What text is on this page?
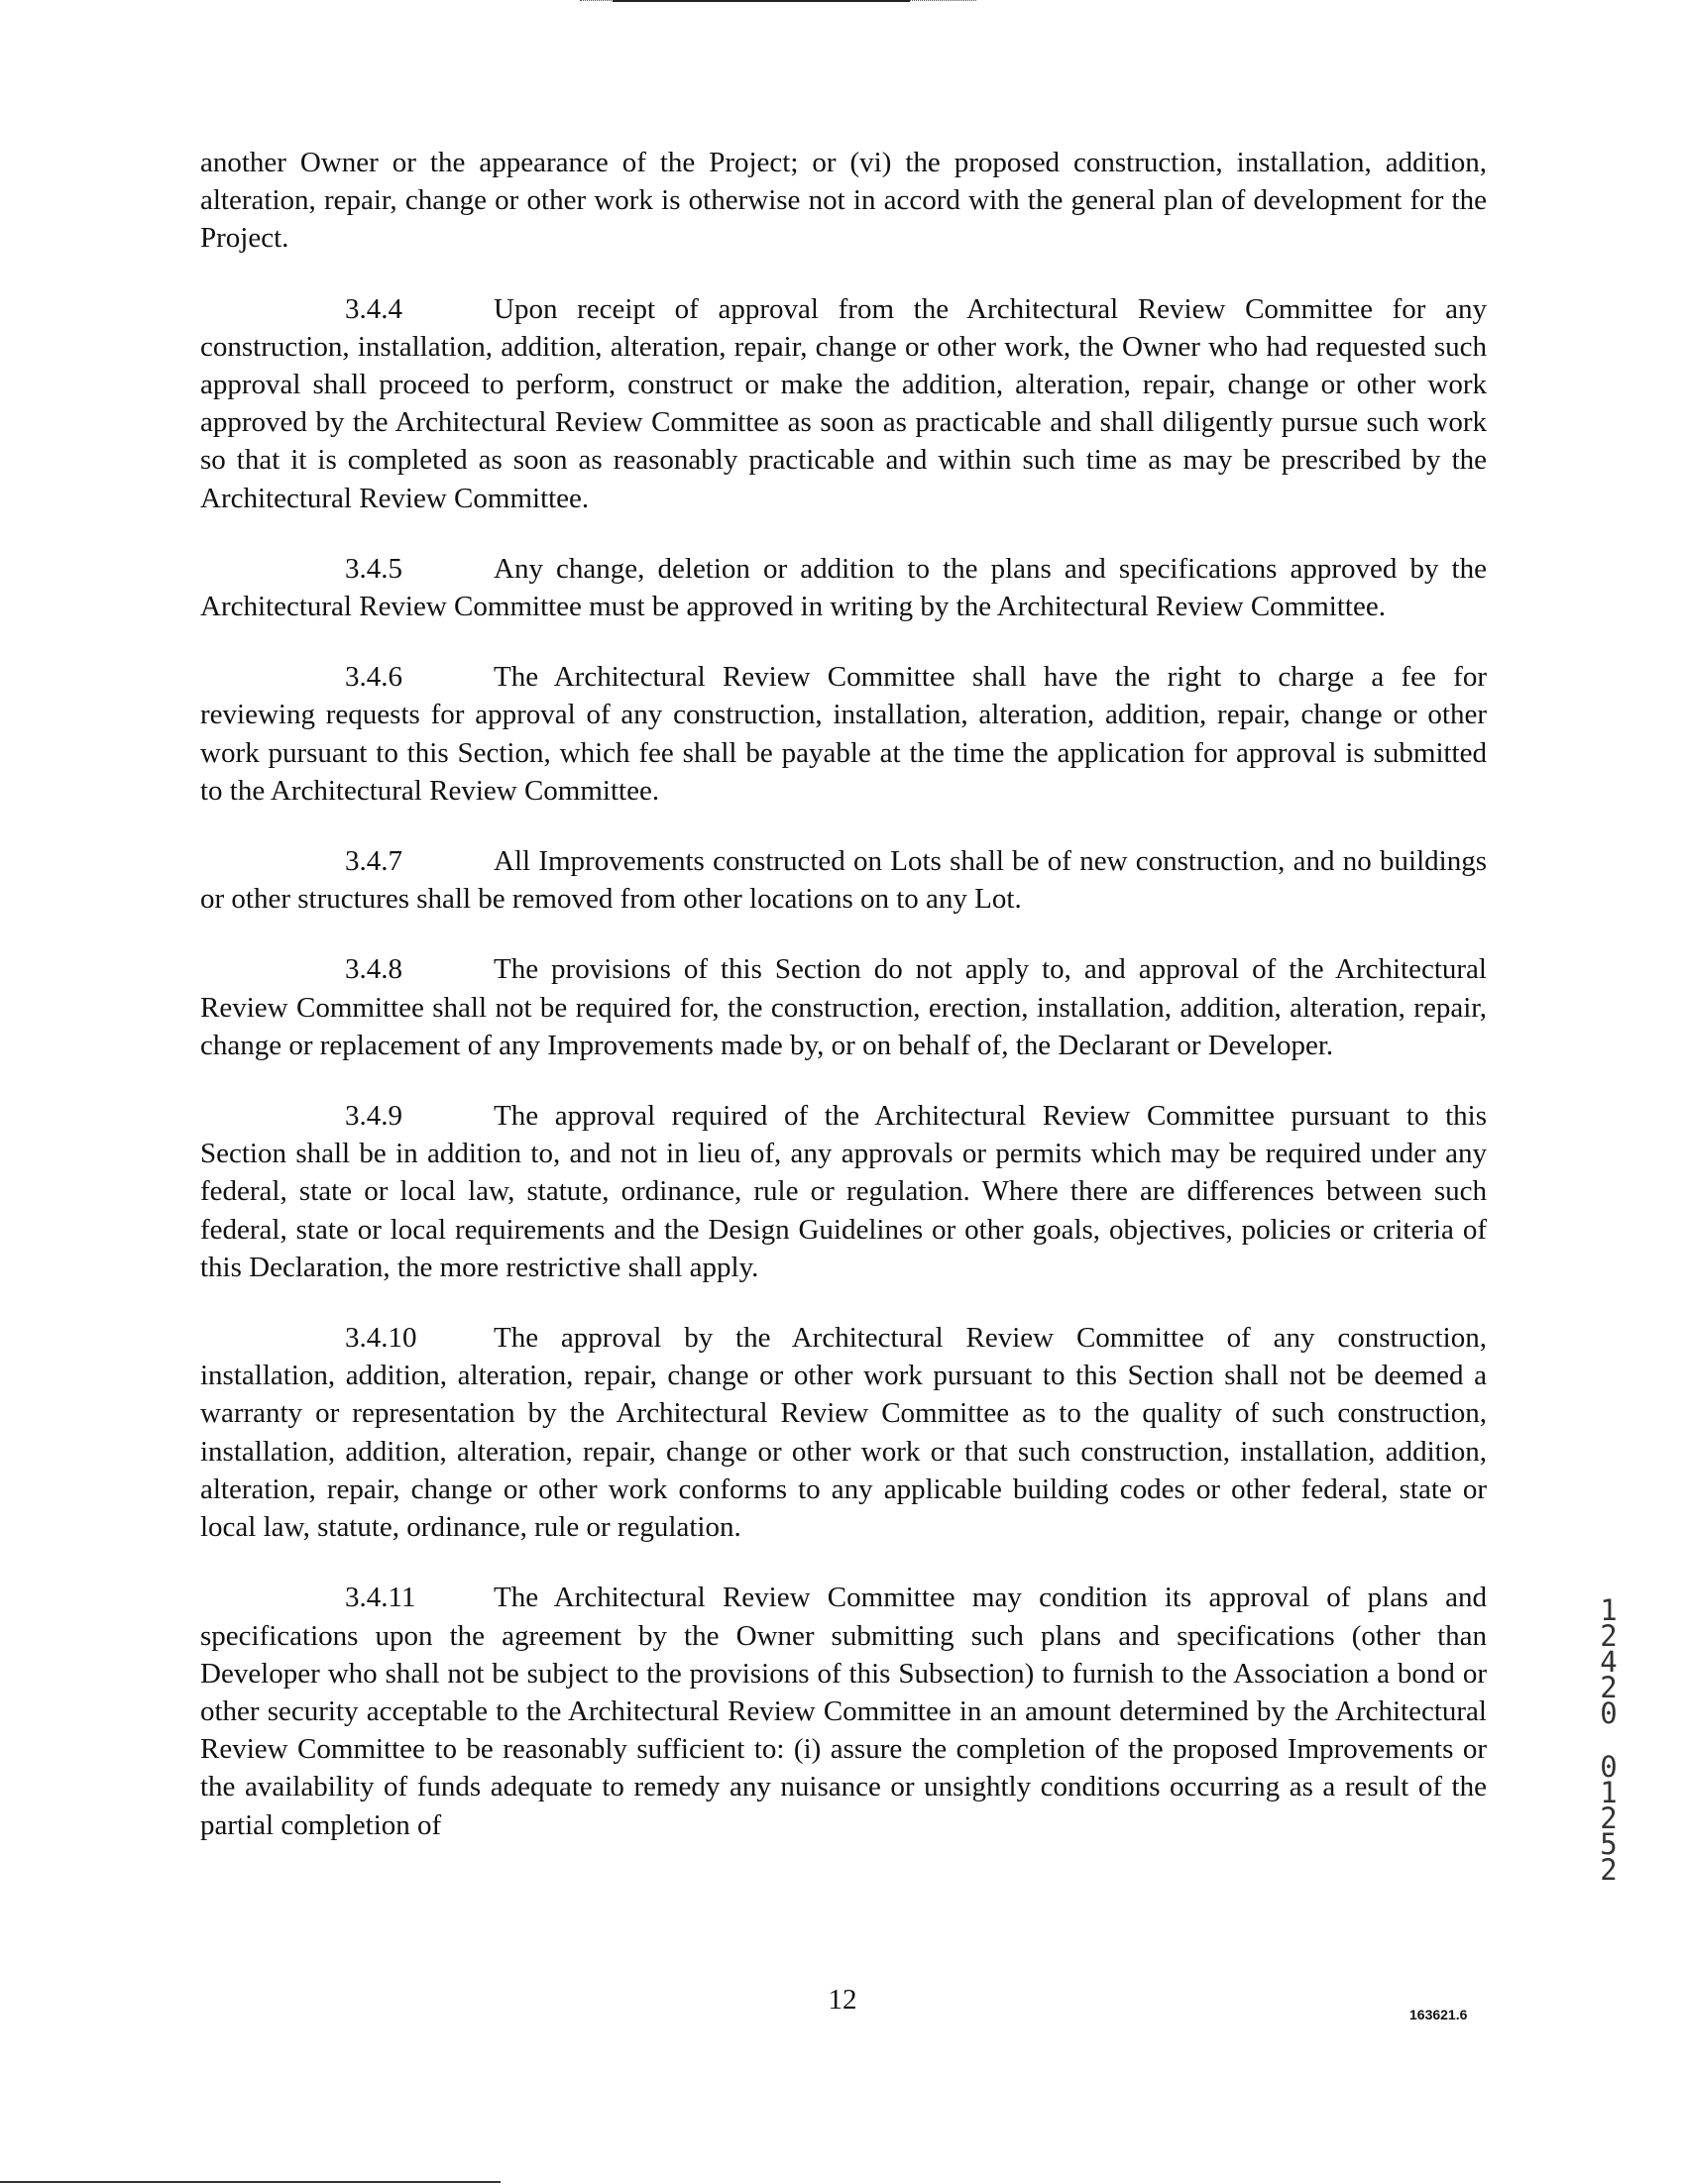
another Owner or the appearance of the Project; or (vi) the proposed construction, installation, addition, alteration, repair, change or other work is otherwise not in accord with the general plan of development for the Project.

3.4.4	Upon receipt of approval from the Architectural Review Committee for any construction, installation, addition, alteration, repair, change or other work, the Owner who had requested such approval shall proceed to perform, construct or make the addition, alteration, repair, change or other work approved by the Architectural Review Committee as soon as practicable and shall diligently pursue such work so that it is completed as soon as reasonably practicable and within such time as may be prescribed by the Architectural Review Committee.

3.4.5	Any change, deletion or addition to the plans and specifications approved by the Architectural Review Committee must be approved in writing by the Architectural Review Committee.

3.4.6	The Architectural Review Committee shall have the right to charge a fee for reviewing requests for approval of any construction, installation, alteration, addition, repair, change or other work pursuant to this Section, which fee shall be payable at the time the application for approval is submitted to the Architectural Review Committee.

3.4.7	All Improvements constructed on Lots shall be of new construction, and no buildings or other structures shall be removed from other locations on to any Lot.

3.4.8	The provisions of this Section do not apply to, and approval of the Architectural Review Committee shall not be required for, the construction, erection, installation, addition, alteration, repair, change or replacement of any Improvements made by, or on behalf of, the Declarant or Developer.

3.4.9	The approval required of the Architectural Review Committee pursuant to this Section shall be in addition to, and not in lieu of, any approvals or permits which may be required under any federal, state or local law, statute, ordinance, rule or regulation. Where there are differences between such federal, state or local requirements and the Design Guidelines or other goals, objectives, policies or criteria of this Declaration, the more restrictive shall apply.

3.4.10	The approval by the Architectural Review Committee of any construction, installation, addition, alteration, repair, change or other work pursuant to this Section shall not be deemed a warranty or representation by the Architectural Review Committee as to the quality of such construction, installation, addition, alteration, repair, change or other work or that such construction, installation, addition, alteration, repair, change or other work conforms to any applicable building codes or other federal, state or local law, statute, ordinance, rule or regulation.

3.4.11	The Architectural Review Committee may condition its approval of plans and specifications upon the agreement by the Owner submitting such plans and specifications (other than Developer who shall not be subject to the provisions of this Subsection) to furnish to the Association a bond or other security acceptable to the Architectural Review Committee in an amount determined by the Architectural Review Committee to be reasonably sufficient to: (i) assure the completion of the proposed Improvements or the availability of funds adequate to remedy any nuisance or unsightly conditions occurring as a result of the partial completion of

12	163621.6
1
2
4
2
0
0
1
2
5
2
